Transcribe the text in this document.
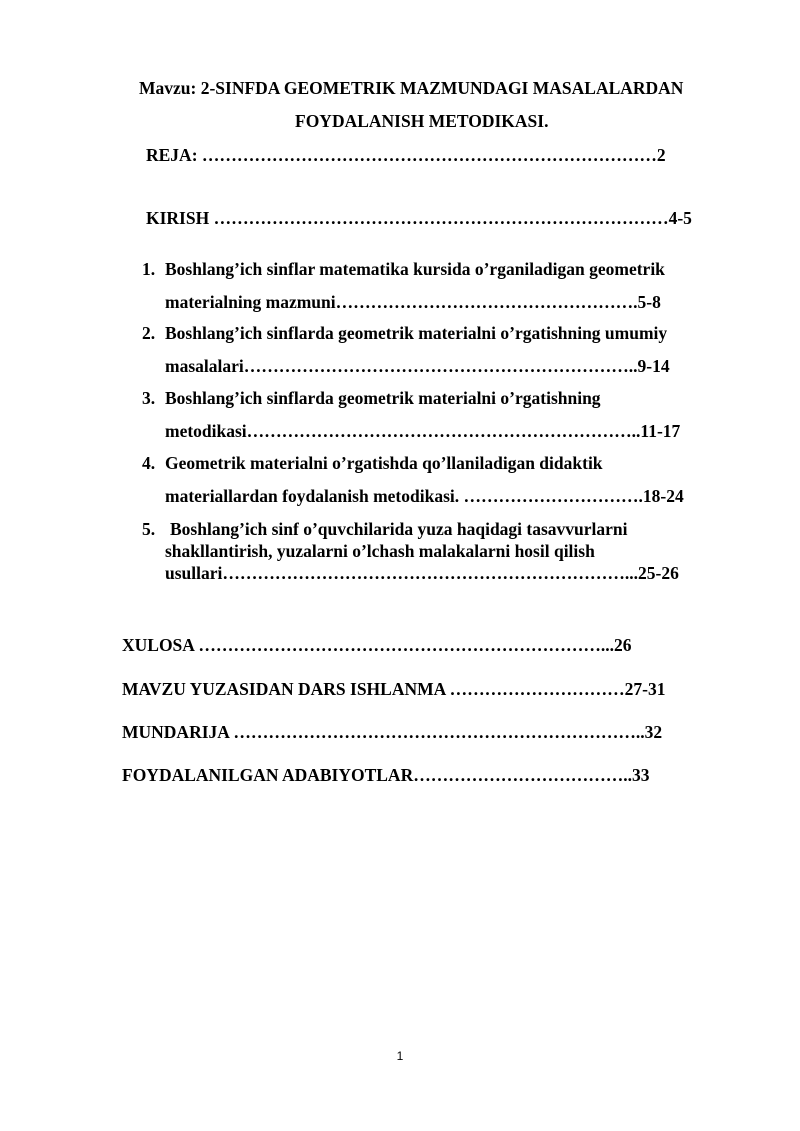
Mavzu: 2-SINFDA GEOMETRIK MAZMUNDAGI MASALALARDAN
FOYDALANISH METODIKASI.
REJA: ……………………………………………………………………2
KIRISH ……………………………………………………………………4-5
1. Boshlang’ich sinflar matematika kursida o’rganiladigan geometrik
materialning mazmuni…………………………………………….5-8
2. Boshlang’ich sinflarda geometrik materialni o’rgatishning umumiy
masalalari…………………………………………………………..9-14
3. Boshlang’ich sinflarda geometrik materialni o’rgatishning
metodikasi…………………………………………………………..11-17
4. Geometrik materialni o’rgatishda qo’llaniladigan didaktik
materiallardan foydalanish metodikasi. ………………………….18-24
5. Boshlang’ich sinf o’quvchilarida yuza haqidagi tasavvurlarni
shakllantirish, yuzalarni o’lchash malakalarni hosil qilish
usullari……………………………………………………………...25-26
XULOSA ……………………………………………………………...26
MAVZU YUZASIDAN DARS ISHLANMA …………………………27-31
MUNDARIJA ……………………………………………………………..32
FOYDALANILGAN ADABIYOTLAR………………………………..33
1
